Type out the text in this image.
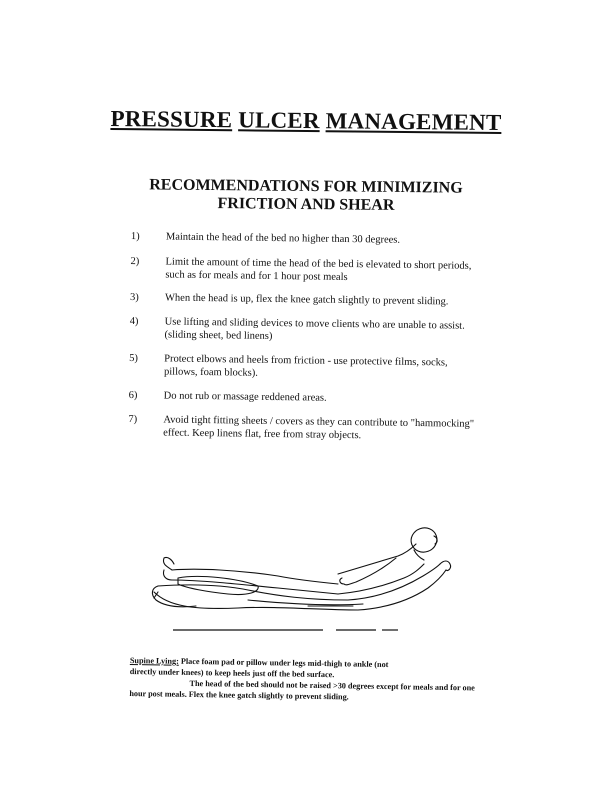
PRESSURE ULCER MANAGEMENT
RECOMMENDATIONS FOR MINIMIZING
FRICTION AND SHEAR
1) Maintain the head of the bed no higher than 30 degrees.
2) Limit the amount of time the head of the bed is elevated to short periods,
such as for meals and for 1 hour post meals
3) When the head is up, flex the knee gatch slightly to prevent sliding.
4) Use lifting and sliding devices to move clients who are unable to assist.
(sliding sheet, bed linens)
5) Protect elbows and heels from friction - use protective films, socks,
pillows, foam blocks).
6) Do not rub or massage reddened areas.
7) Avoid tight fitting sheets / covers as they can contribute to "hammocking"
effect. Keep linens flat, free from stray objects.
Supine Lying: Place foam pad or pillow under legs mid-thigh to ankle (not
directly under knees) to keep heels just off the bed surface.
The head of the bed should not be raised >30 degrees except for meals and for one
hour post meals. Flex the knee gatch slightly to prevent sliding.
